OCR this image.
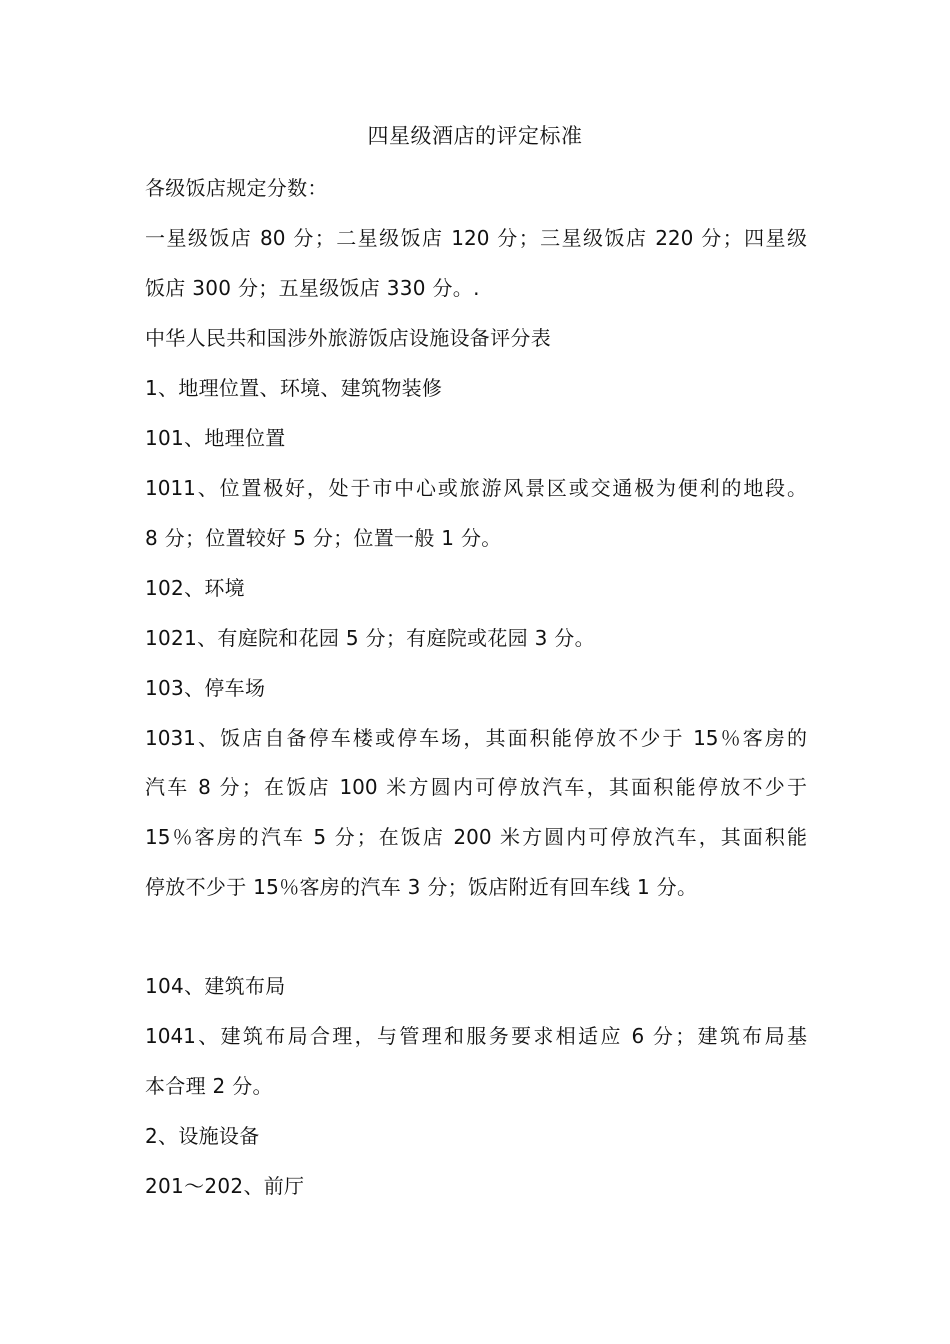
四星级酒店的评定标准
各级饭店规定分数：
一星级饭店 80 分；二星级饭店 120 分；三星级饭店 220 分；四星级
饭店 300 分；五星级饭店 330 分。.
中华人民共和国涉外旅游饭店设施设备评分表
1、地理位置、环境、建筑物装修
101、地理位置
1011、位置极好，处于市中心或旅游风景区或交通极为便利的地段。
8 分；位置较好 5 分；位置一般 1 分。
102、环境
1021、有庭院和花园 5 分；有庭院或花园 3 分。
103、停车场
1031、饭店自备停车楼或停车场，其面积能停放不少于 15％客房的
汽车 8 分；在饭店 100 米方圆内可停放汽车，其面积能停放不少于
15％客房的汽车 5 分；在饭店 200 米方圆内可停放汽车，其面积能
停放不少于 15％客房的汽车 3 分；饭店附近有回车线 1 分。
104、建筑布局
1041、建筑布局合理，与管理和服务要求相适应 6 分；建筑布局基
本合理 2 分。
2、设施设备
201～202、前厅
